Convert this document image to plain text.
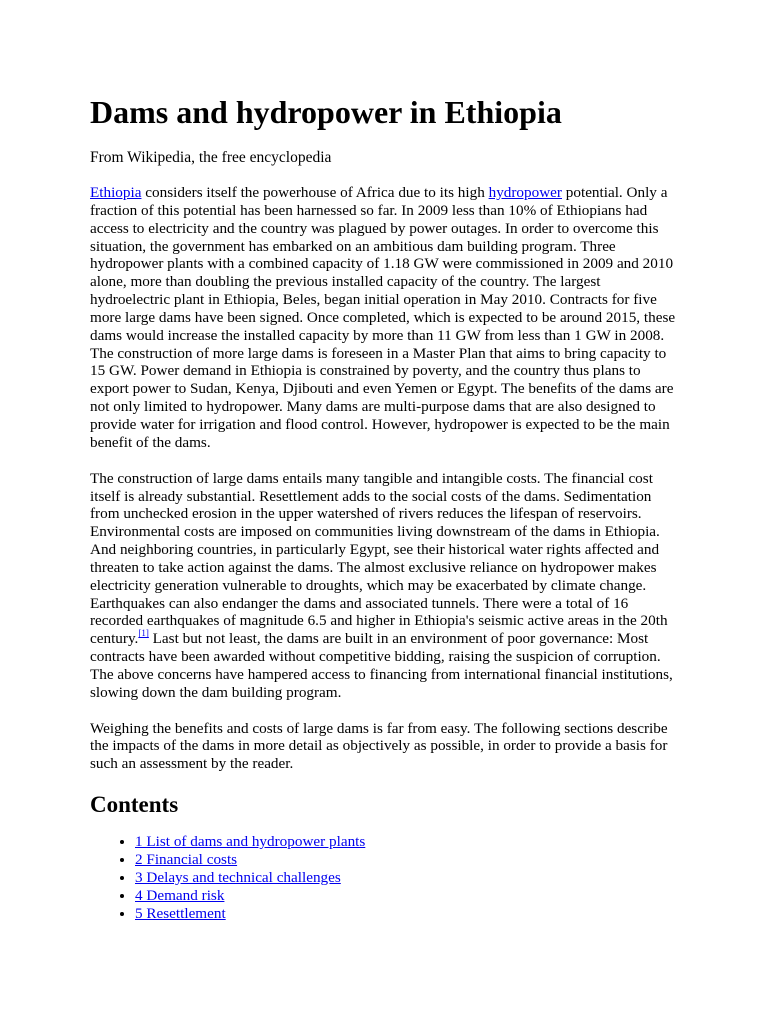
Dams and hydropower in Ethiopia
From Wikipedia, the free encyclopedia

Ethiopia considers itself the powerhouse of Africa due to its high hydropower potential. Only a fraction of this potential has been harnessed so far. In 2009 less than 10% of Ethiopians had access to electricity and the country was plagued by power outages. In order to overcome this situation, the government has embarked on an ambitious dam building program. Three hydropower plants with a combined capacity of 1.18 GW were commissioned in 2009 and 2010 alone, more than doubling the previous installed capacity of the country. The largest hydroelectric plant in Ethiopia, Beles, began initial operation in May 2010. Contracts for five more large dams have been signed. Once completed, which is expected to be around 2015, these dams would increase the installed capacity by more than 11 GW from less than 1 GW in 2008. The construction of more large dams is foreseen in a Master Plan that aims to bring capacity to 15 GW. Power demand in Ethiopia is constrained by poverty, and the country thus plans to export power to Sudan, Kenya, Djibouti and even Yemen or Egypt. The benefits of the dams are not only limited to hydropower. Many dams are multi-purpose dams that are also designed to provide water for irrigation and flood control. However, hydropower is expected to be the main benefit of the dams.

The construction of large dams entails many tangible and intangible costs. The financial cost itself is already substantial. Resettlement adds to the social costs of the dams. Sedimentation from unchecked erosion in the upper watershed of rivers reduces the lifespan of reservoirs. Environmental costs are imposed on communities living downstream of the dams in Ethiopia. And neighboring countries, in particularly Egypt, see their historical water rights affected and threaten to take action against the dams. The almost exclusive reliance on hydropower makes electricity generation vulnerable to droughts, which may be exacerbated by climate change. Earthquakes can also endanger the dams and associated tunnels. There were a total of 16 recorded earthquakes of magnitude 6.5 and higher in Ethiopia's seismic active areas in the 20th century.[1] Last but not least, the dams are built in an environment of poor governance: Most contracts have been awarded without competitive bidding, raising the suspicion of corruption. The above concerns have hampered access to financing from international financial institutions, slowing down the dam building program.

Weighing the benefits and costs of large dams is far from easy. The following sections describe the impacts of the dams in more detail as objectively as possible, in order to provide a basis for such an assessment by the reader.

Contents
• 1 List of dams and hydropower plants
• 2 Financial costs
• 3 Delays and technical challenges
• 4 Demand risk
• 5 Resettlement
